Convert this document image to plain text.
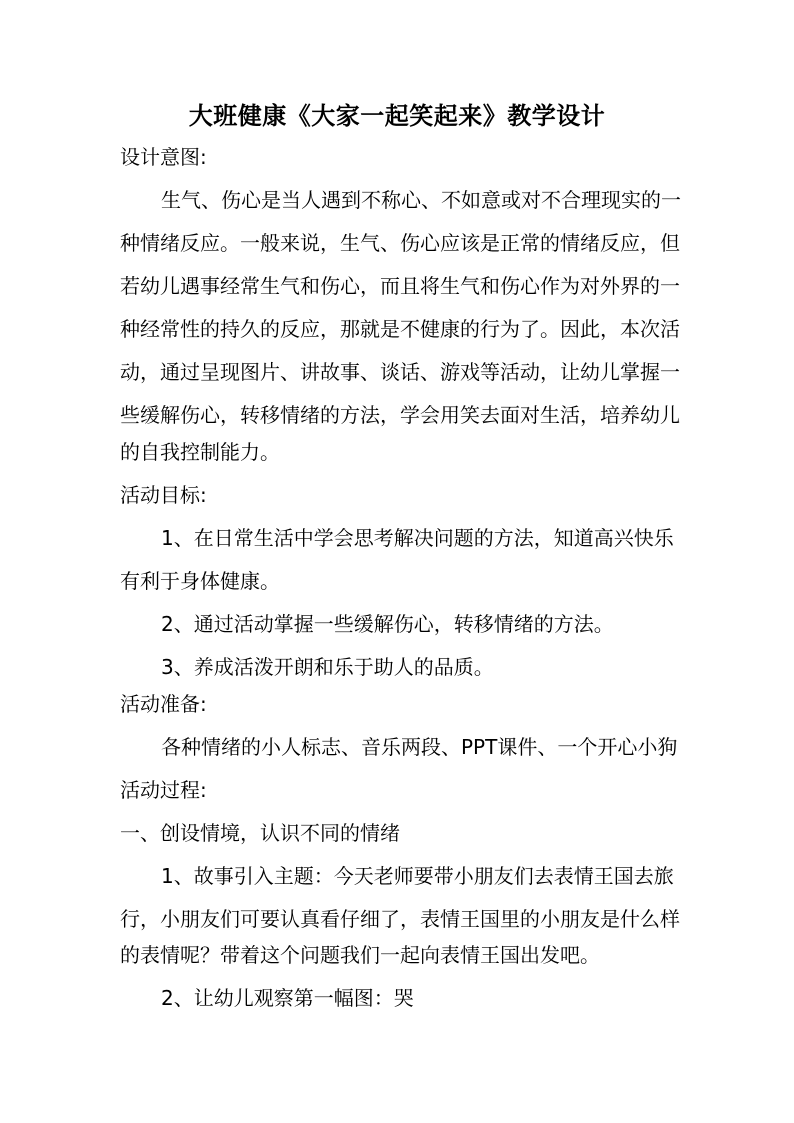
大班健康《大家一起笑起来》教学设计
设计意图:
生气、伤心是当人遇到不称心、不如意或对不合理现实的一
种情绪反应。一般来说，生气、伤心应该是正常的情绪反应，但
若幼儿遇事经常生气和伤心，而且将生气和伤心作为对外界的一
种经常性的持久的反应，那就是不健康的行为了。因此，本次活
动，通过呈现图片、讲故事、谈话、游戏等活动，让幼儿掌握一
些缓解伤心，转移情绪的方法，学会用笑去面对生活，培养幼儿
的自我控制能力。
活动目标:
1、在日常生活中学会思考解决问题的方法，知道高兴快乐
有利于身体健康。
2、通过活动掌握一些缓解伤心，转移情绪的方法。
3、养成活泼开朗和乐于助人的品质。
活动准备:
各种情绪的小人标志、音乐两段、PPT课件、一个开心小狗
活动过程:
一、创设情境，认识不同的情绪
1、故事引入主题：今天老师要带小朋友们去表情王国去旅
行，小朋友们可要认真看仔细了，表情王国里的小朋友是什么样
的表情呢？带着这个问题我们一起向表情王国出发吧。
2、让幼儿观察第一幅图：哭
